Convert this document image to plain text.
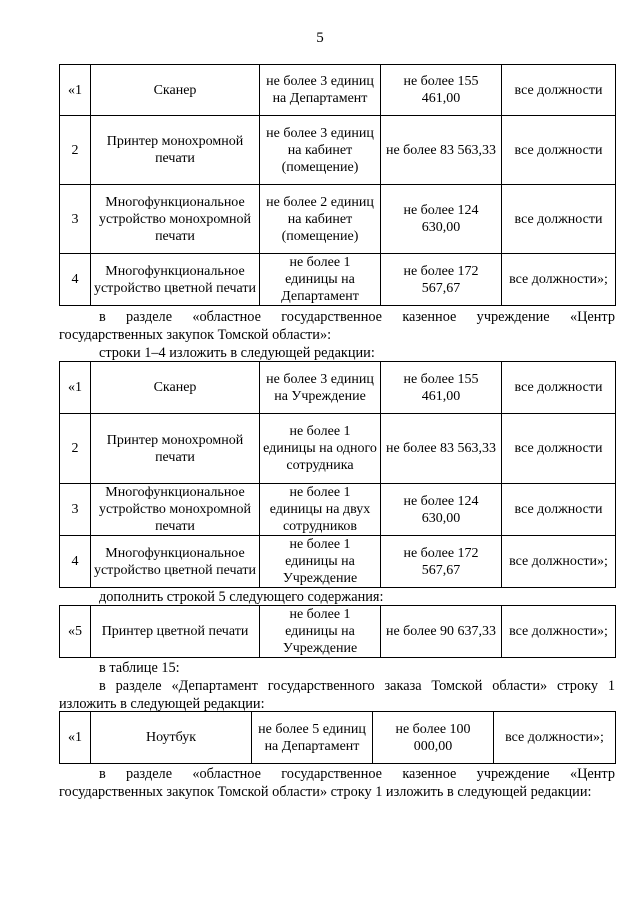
5
«1	Сканер	не более 3 единиц на Департамент	не более 155 461,00	все должности
2	Принтер монохромной печати	не более 3 единиц на кабинет (помещение)	не более 83 563,33	все должности
3	Многофункциональное устройство монохромной печати	не более 2 единиц на кабинет (помещение)	не более 124 630,00	все должности
4	Многофункциональное устройство цветной печати	не более 1 единицы на Департамент	не более 172 567,67	все должности»;

в разделе «областное государственное казенное учреждение «Центр государственных закупок Томской области»:

строки 1–4 изложить в следующей редакции:

«1	Сканер	не более 3 единиц на Учреждение	не более 155 461,00	все должности
2	Принтер монохромной печати	не более 1 единицы на одного сотрудника	не более 83 563,33	все должности
3	Многофункциональное устройство монохромной печати	не более 1 единицы на двух сотрудников	не более 124 630,00	все должности
4	Многофункциональное устройство цветной печати	не более 1 единицы на Учреждение	не более 172 567,67	все должности»;

дополнить строкой 5 следующего содержания:

«5	Принтер цветной печати	не более 1 единицы на Учреждение	не более 90 637,33	все должности»;

в таблице 15:

в разделе «Департамент государственного заказа Томской области» строку 1 изложить в следующей редакции:

«1	Ноутбук	не более 5 единиц на Департамент	не более 100 000,00	все должности»;

в разделе «областное государственное казенное учреждение «Центр государственных закупок Томской области» строку 1 изложить в следующей редакции:
